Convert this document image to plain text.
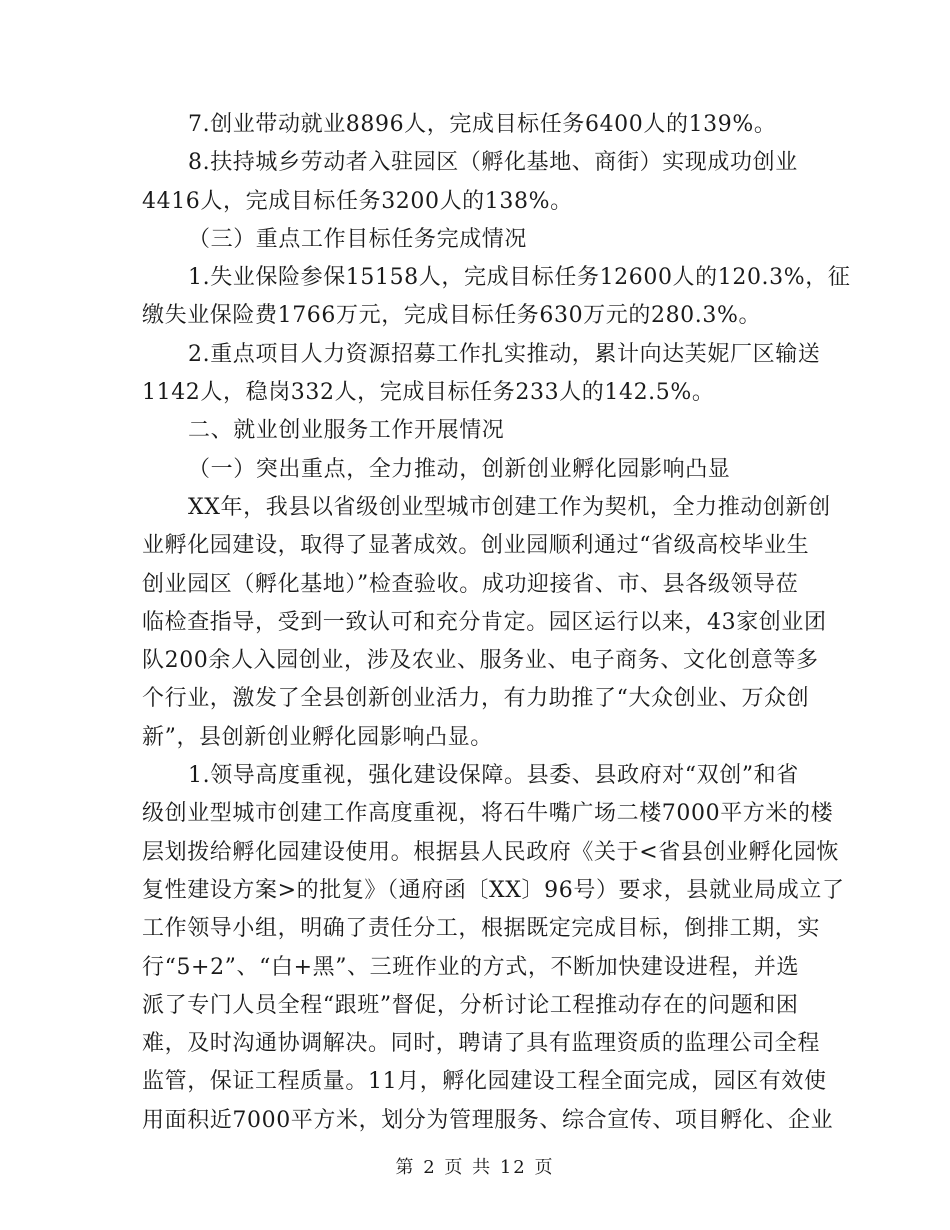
7.创业带动就业8896人，完成目标任务6400人的139%。
8.扶持城乡劳动者入驻园区（孵化基地、商街）实现成功创业
4416人，完成目标任务3200人的138%。
（三）重点工作目标任务完成情况
1.失业保险参保15158人，完成目标任务12600人的120.3%，征
缴失业保险费1766万元，完成目标任务630万元的280.3%。
2.重点项目人力资源招募工作扎实推动，累计向达芙妮厂区输送
1142人，稳岗332人，完成目标任务233人的142.5%。
二、就业创业服务工作开展情况
（一）突出重点，全力推动，创新创业孵化园影响凸显
XX年，我县以省级创业型城市创建工作为契机，全力推动创新创
业孵化园建设，取得了显著成效。创业园顺利通过“省级高校毕业生
创业园区（孵化基地）”检查验收。成功迎接省、市、县各级领导莅
临检查指导，受到一致认可和充分肯定。园区运行以来，43家创业团
队200余人入园创业，涉及农业、服务业、电子商务、文化创意等多
个行业，激发了全县创新创业活力，有力助推了“大众创业、万众创
新”，县创新创业孵化园影响凸显。
1.领导高度重视，强化建设保障。县委、县政府对“双创”和省
级创业型城市创建工作高度重视，将石牛嘴广场二楼7000平方米的楼
层划拨给孵化园建设使用。根据县人民政府《关于<省县创业孵化园恢
复性建设方案>的批复》（通府函〔XX〕96号）要求，县就业局成立了
工作领导小组，明确了责任分工，根据既定完成目标，倒排工期，实
行“5+2”、“白+黑”、三班作业的方式，不断加快建设进程，并选
派了专门人员全程“跟班”督促，分析讨论工程推动存在的问题和困
难，及时沟通协调解决。同时，聘请了具有监理资质的监理公司全程
监管，保证工程质量。11月，孵化园建设工程全面完成，园区有效使
用面积近7000平方米，划分为管理服务、综合宣传、项目孵化、企业
第 2 页 共 12 页
